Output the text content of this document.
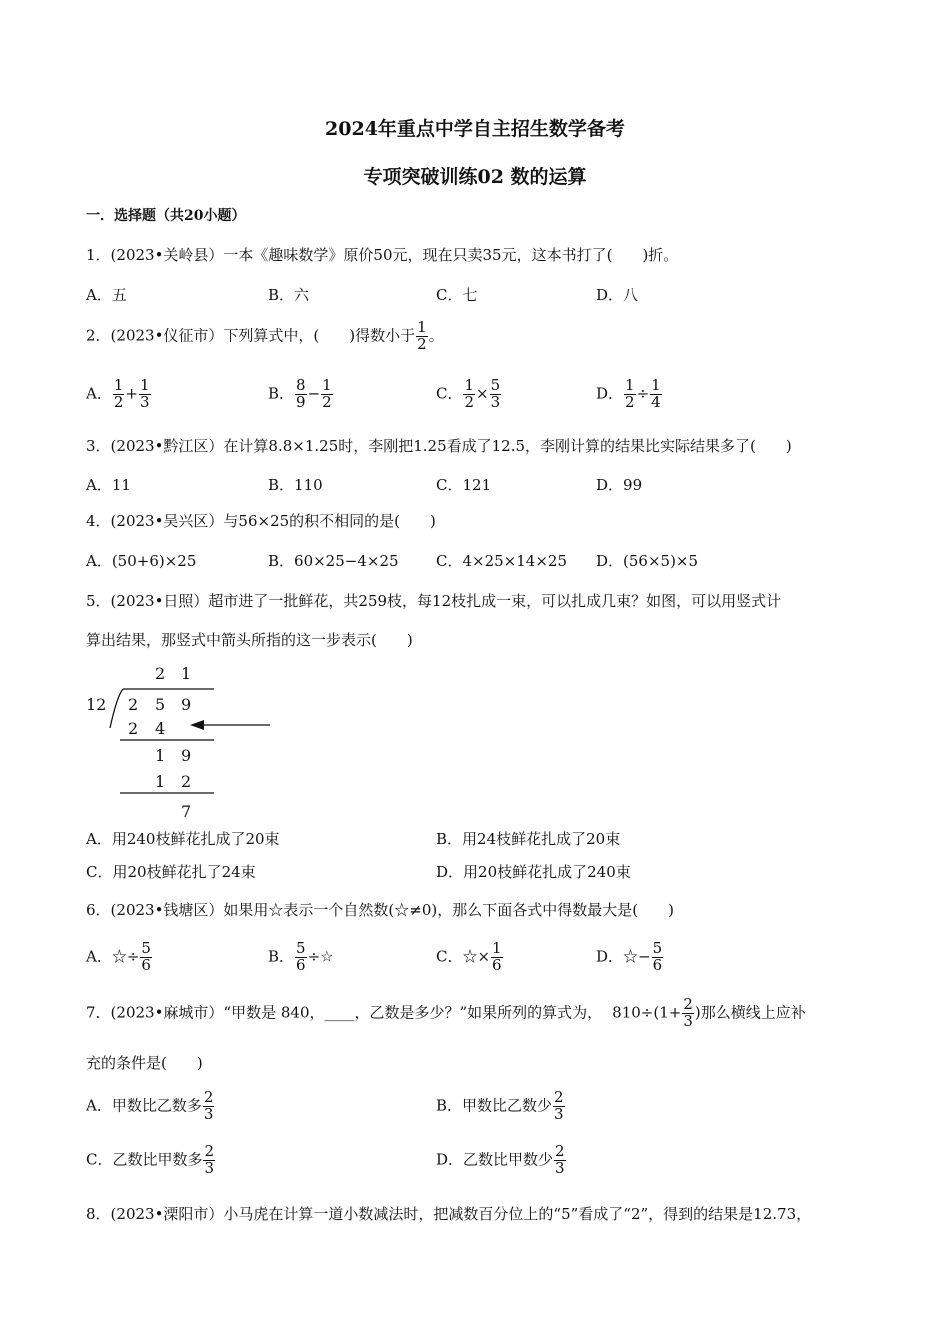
2024年重点中学自主招生数学备考
专项突破训练02 数的运算
一．选择题（共20小题）
1．(2023•关岭县）一本《趣味数学》原价50元，现在只卖35元，这本书打了(　　)折。
A．五	B．六	C．七	D．八
2．(2023•仪征市）下列算式中，(　　)得数小于 $\frac{1}{2}$ 。
A． $\frac{1}{2} + \frac{1}{3}$	B． $\frac{8}{9} - \frac{1}{2}$	C． $\frac{1}{2} \times \frac{5}{3}$	D． $\frac{1}{2} \div \frac{1}{4}$
3．(2023•黔江区）在计算8.8×1.25时，李刚把1.25看成了12.5，李刚计算的结果比实际结果多了(　　)
A．11	B．110	C．121	D．99
4．(2023•吴兴区）与56×25的积不相同的是(　　)
A．(50+6)×25	B．60×25−4×25 C．4×25×14×25 D．(56×5)×5
5．(2023•日照）超市进了一批鲜花，共259枝，每12枝扎成一束，可以扎成几束？如图，可以用竖式计
算出结果，那竖式中箭头所指的这一步表示(　　)
2 1
12 2 5 9
2 4
1 9
1 2
7
A．用240枝鲜花扎成了20束	B．用24枝鲜花扎成了20束
C．用20枝鲜花扎了24束	D．用20枝鲜花扎成了240束
6．(2023•钱塘区）如果用☆表示一个自然数(☆≠0)，那么下面各式中得数最大是(　　)
A．☆÷ $\frac{5}{6}$	B． $\frac{5}{6}$ ÷☆	C．☆× $\frac{1}{6}$	D．☆− $\frac{5}{6}$
7．(2023•麻城市）“甲数是 840，____，乙数是多少？”如果所列的算式为， $810\div(1+ \frac{2}{3}$ )那么横线上应补
充的条件是(　　)
A．甲数比乙数多 $\frac{2}{3}$	B．甲数比乙数少 $\frac{2}{3}$
C．乙数比甲数多 $\frac{2}{3}$	D．乙数比甲数少 $\frac{2}{3}$
8．(2023•溧阳市）小马虎在计算一道小数减法时，把减数百分位上的“5”看成了“2”，得到的结果是12.73，
